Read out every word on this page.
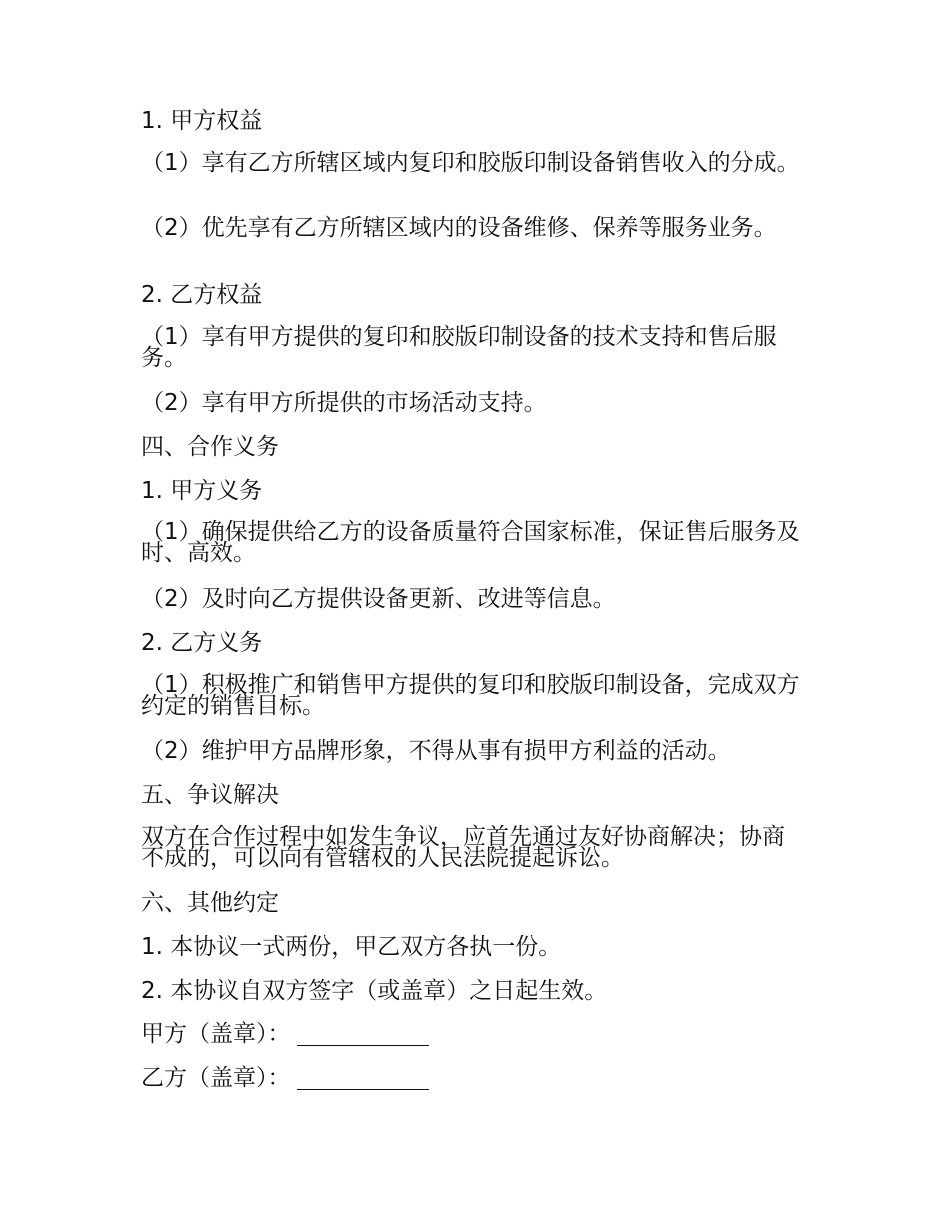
1. 甲方权益
（1）享有乙方所辖区域内复印和胶版印制设备销售收入的分成。
（2）优先享有乙方所辖区域内的设备维修、保养等服务业务。
2. 乙方权益
（1）享有甲方提供的复印和胶版印制设备的技术支持和售后服务。
（2）享有甲方所提供的市场活动支持。
四、合作义务
1. 甲方义务
（1）确保提供给乙方的设备质量符合国家标准，保证售后服务及时、高效。
（2）及时向乙方提供设备更新、改进等信息。
2. 乙方义务
（1）积极推广和销售甲方提供的复印和胶版印制设备，完成双方约定的销售目标。
（2）维护甲方品牌形象，不得从事有损甲方利益的活动。
五、争议解决
双方在合作过程中如发生争议，应首先通过友好协商解决；协商不成的，可以向有管辖权的人民法院提起诉讼。
六、其他约定
1. 本协议一式两份，甲乙双方各执一份。
2. 本协议自双方签字（或盖章）之日起生效。
甲方（盖章）：
乙方（盖章）：
